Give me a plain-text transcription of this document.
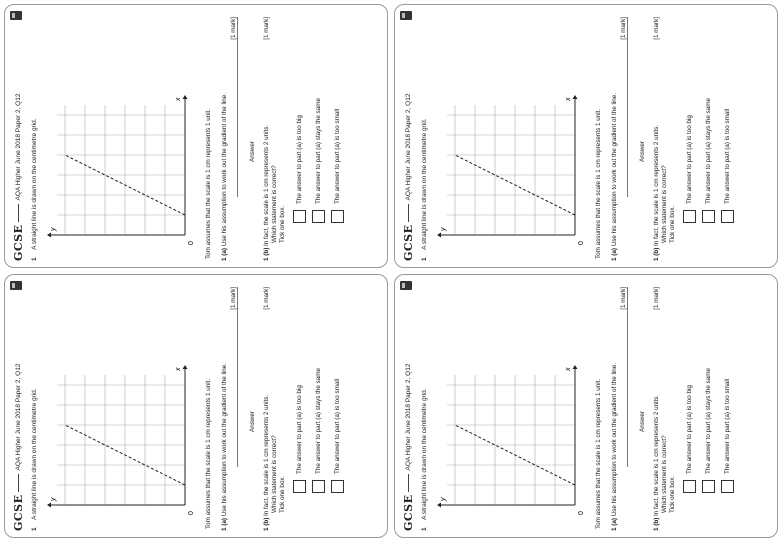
GCSE
AQA Higher June 2018 Paper 2, Q12
1 A straight line is drawn on the centimetre grid.	0
x
y	Tom assumes that the scale is 1 cm represents 1 unit. 1 (a) Use his assumption to work out the gradient of the line.
[1 mark]
Answer
1 (b) In fact, the scale is 1 cm represents 2 units.
Which statement is correct?
Tick one box.
[1 mark]
The answer to part (a) is too big The answer to part (a) stays the same The answer to part (a) is too small
GCSE
AQA Higher June 2018 Paper 2, Q12
1 A straight line is drawn on the centimetre grid.	0
x
y	Tom assumes that the scale is 1 cm represents 1 unit. 1 (a) Use his assumption to work out the gradient of the line.
[1 mark]
Answer
1 (b) In fact, the scale is 1 cm represents 2 units.
Which statement is correct?
Tick one box.
[1 mark]
The answer to part (a) is too big The answer to part (a) stays the same The answer to part (a) is too small
GCSE
AQA Higher June 2018 Paper 2, Q12
1 A straight line is drawn on the centimetre grid.	0
x
y	Tom assumes that the scale is 1 cm represents 1 unit. 1 (a) Use his assumption to work out the gradient of the line.
[1 mark]
Answer
1 (b) In fact, the scale is 1 cm represents 2 units.
Which statement is correct?
Tick one box.
[1 mark]
The answer to part (a) is too big The answer to part (a) stays the same The answer to part (a) is too small
GCSE
AQA Higher June 2018 Paper 2, Q12
1 A straight line is drawn on the centimetre grid.	0
x
y	Tom assumes that the scale is 1 cm represents 1 unit. 1 (a) Use his assumption to work out the gradient of the line.
[1 mark]
Answer
1 (b) In fact, the scale is 1 cm represents 2 units.
Which statement is correct?
Tick one box.
[1 mark]
The answer to part (a) is too big The answer to part (a) stays the same The answer to part (a) is too small
